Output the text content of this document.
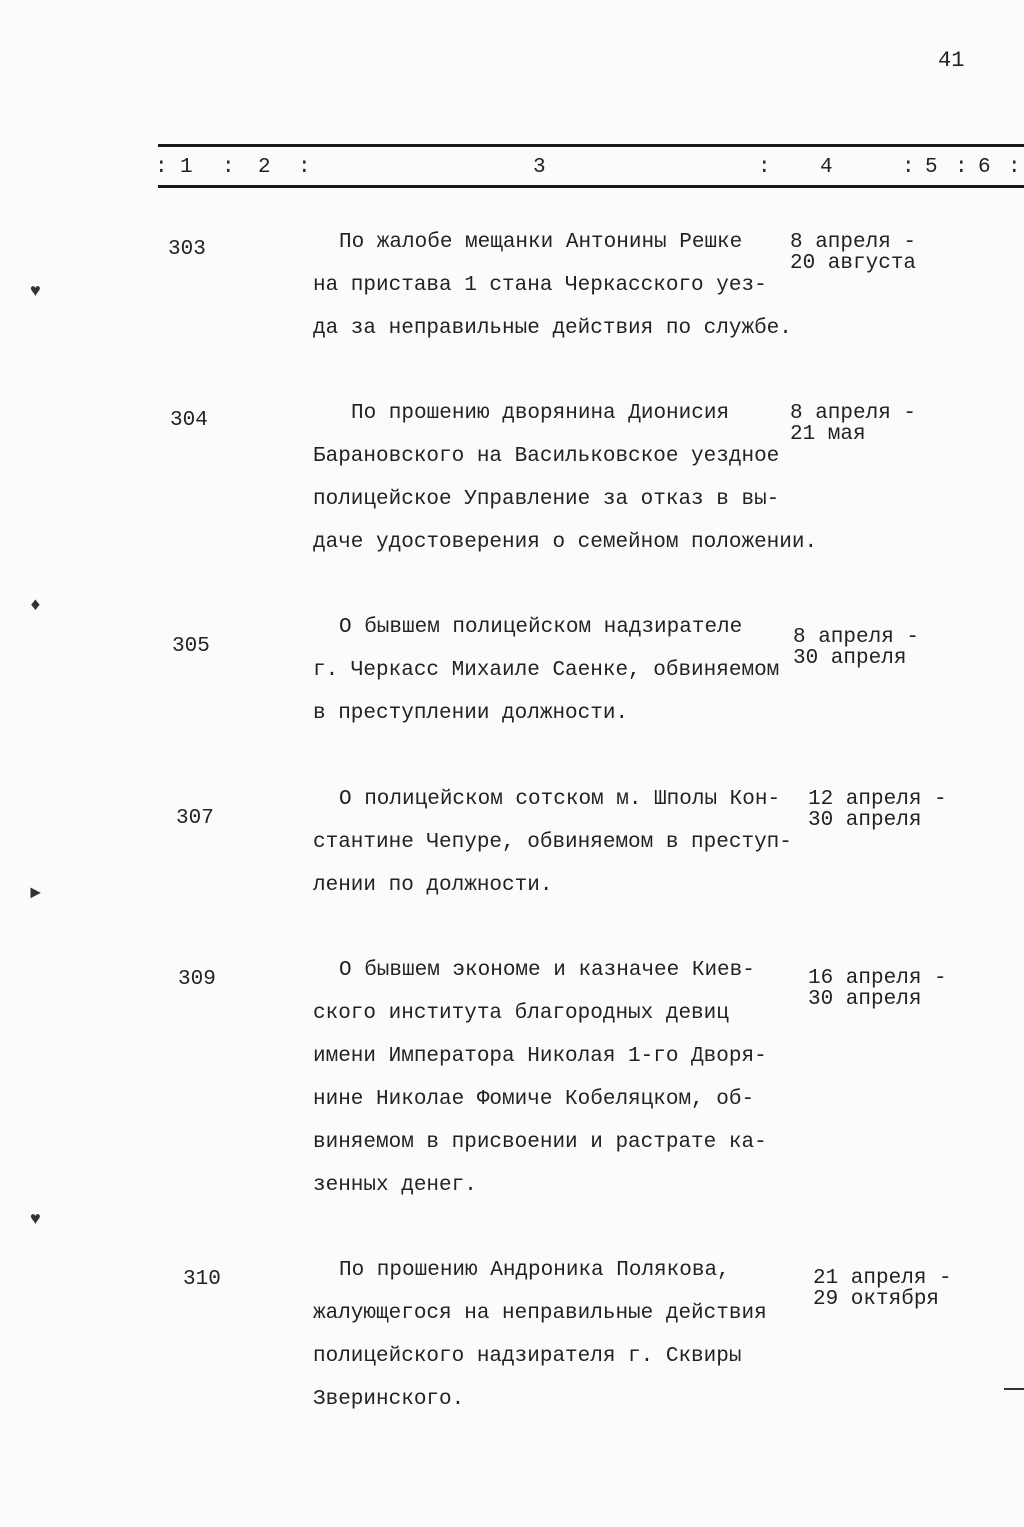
41
: 1 : 2 :	3	: 4	: 5 : 6 :
♥
♦
►
♥
303	По жалобе мещанки Антонины Решке
на пристава 1 стана Черкасского уез-
да за неправильные действия по службе.
8 апреля -
20 августа
304	По прошению дворянина Дионисия
Барановского на Васильковское уездное
полицейское Управление за отказ в вы-
даче удостоверения о семейном положении.
8 апреля -
21 мая
305
О бывшем полицейском надзирателе
г. Черкасс Михаиле Саенке, обвиняемом
в преступлении должности.
8 апреля -
30 апреля
307
О полицейском сотском м. Шполы Кон-
стантине Чепуре, обвиняемом в преступ-
лении по должности.
12 апреля -
30 апреля
309	О бывшем экономе и казначее Киев-
ского института благородных девиц
имени Императора Николая 1-го Дворя-
нине Николае Фомиче Кобеляцком, об-
виняемом в присвоении и растрате ка-
зенных денег.
16 апреля -
30 апреля
310	По прошению Андроника Полякова,
жалующегося на неправильные действия
полицейского надзирателя г. Сквиры
Зверинского.
21 апреля -
29 октября
